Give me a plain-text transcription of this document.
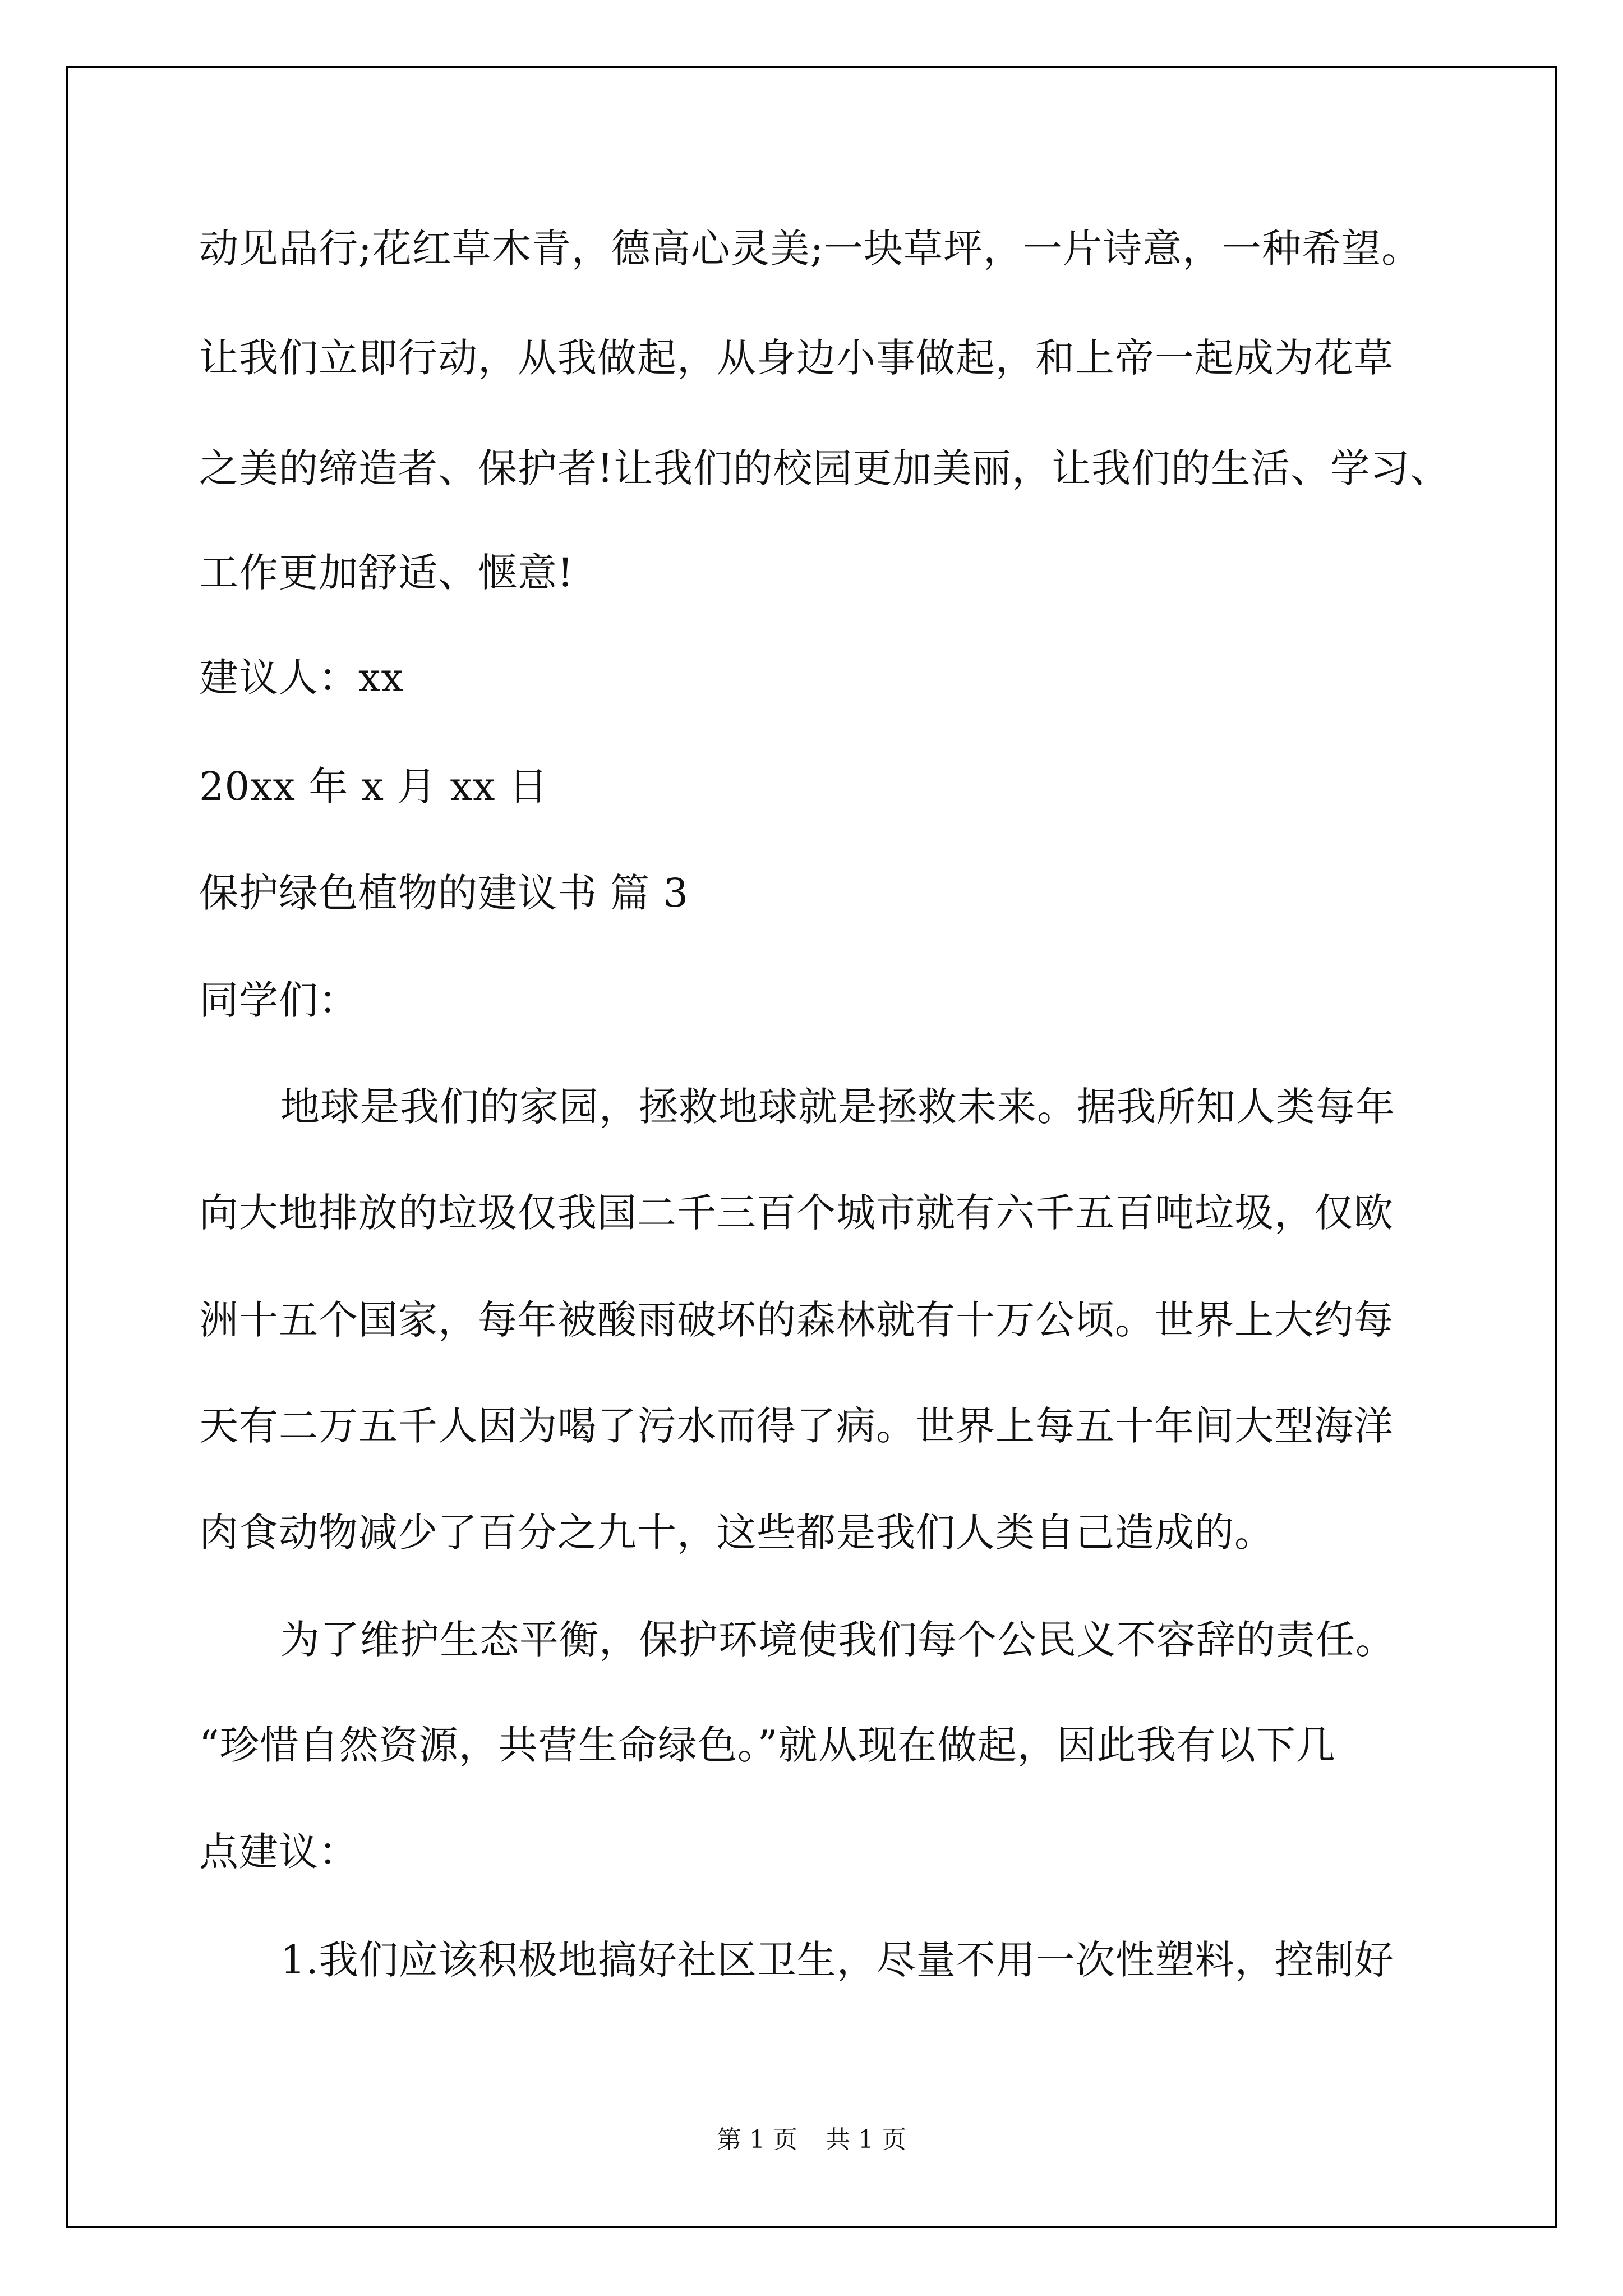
动见品行;花红草木青，德高心灵美;一块草坪，一片诗意，一种希望。
让我们立即行动，从我做起，从身边小事做起，和上帝一起成为花草
之美的缔造者、保护者!让我们的校园更加美丽，让我们的生活、学习、
工作更加舒适、惬意!
建议人：xx
20xx 年 x 月 xx 日
保护绿色植物的建议书 篇 3
同学们：
地球是我们的家园，拯救地球就是拯救未来。据我所知人类每年
向大地排放的垃圾仅我国二千三百个城市就有六千五百吨垃圾，仅欧
洲十五个国家，每年被酸雨破坏的森林就有十万公顷。世界上大约每
天有二万五千人因为喝了污水而得了病。世界上每五十年间大型海洋
肉食动物减少了百分之九十，这些都是我们人类自己造成的。
为了维护生态平衡，保护环境使我们每个公民义不容辞的责任。
“珍惜自然资源，共营生命绿色。”就从现在做起，因此我有以下几
点建议：
1.我们应该积极地搞好社区卫生，尽量不用一次性塑料，控制好
第 1 页 共 1 页
